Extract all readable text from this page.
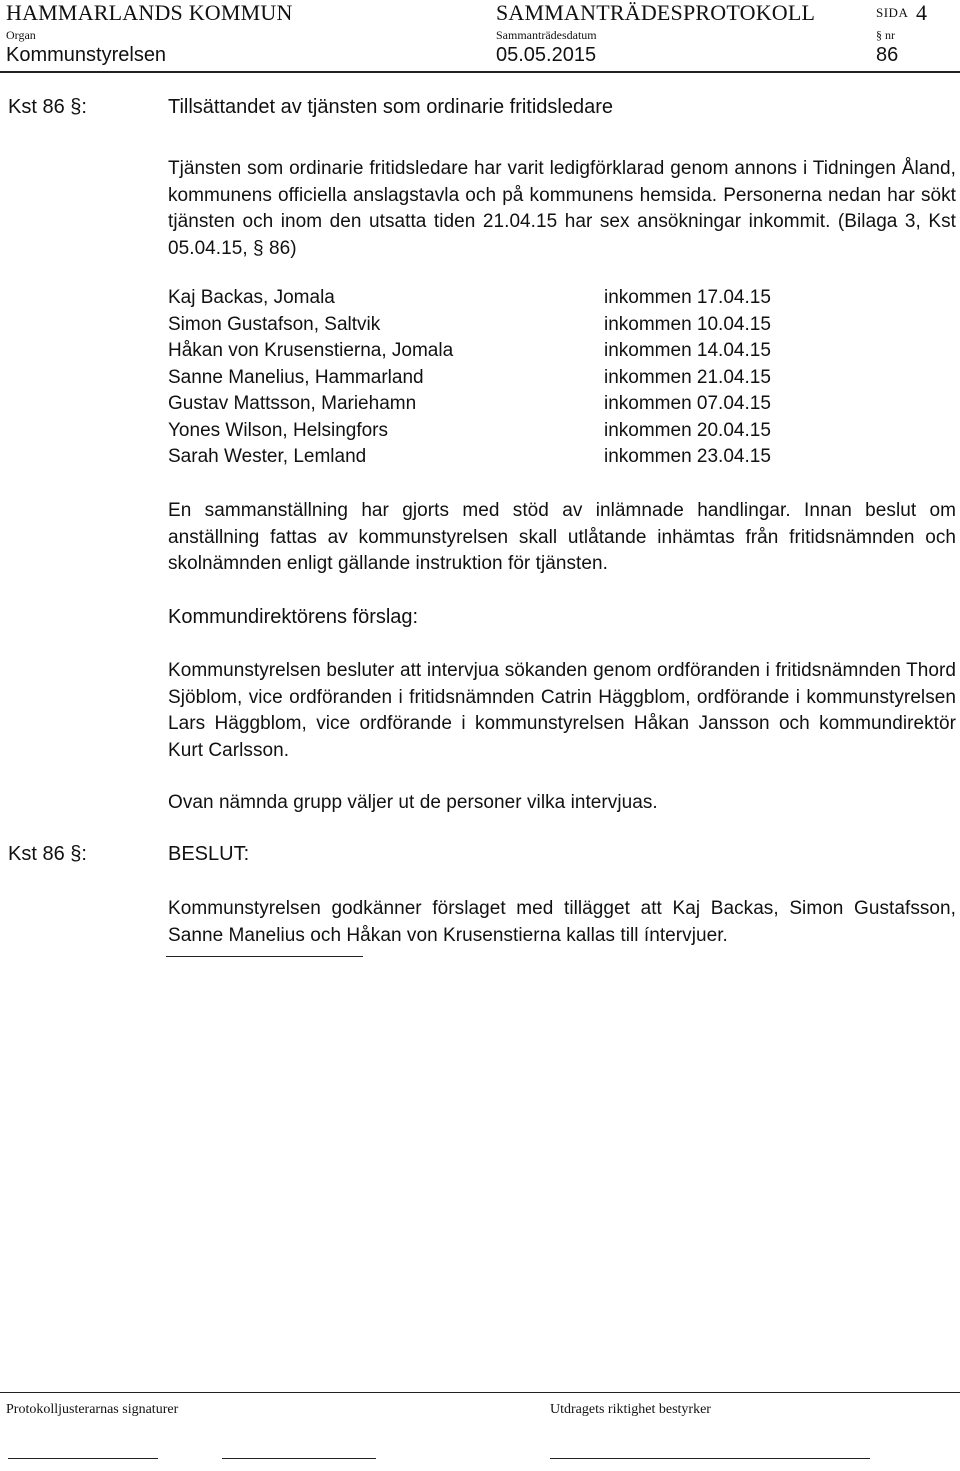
HAMMARLANDS KOMMUN	SAMMANTRÄDESPROTOKOLL	SIDA 4
Organ	Sammanträdesdatum	§ nr
Kommunstyrelsen	05.05.2015	86
Kst 86 §:	Tillsättandet av tjänsten som ordinarie fritidsledare
Tjänsten som ordinarie fritidsledare har varit ledigförklarad genom annons i Tidningen Åland, kommunens officiella anslagstavla och på kommunens hemsida. Personerna nedan har sökt tjänsten och inom den utsatta tiden 21.04.15 har sex ansökningar inkommit. (Bilaga 3, Kst 05.04.15, § 86)
Kaj Backas, Jomala	inkommen 17.04.15
Simon Gustafson, Saltvik	inkommen 10.04.15
Håkan von Krusenstierna, Jomala	inkommen 14.04.15
Sanne Manelius, Hammarland	inkommen 21.04.15
Gustav Mattsson, Mariehamn	inkommen 07.04.15
Yones Wilson, Helsingfors	inkommen 20.04.15
Sarah Wester, Lemland	inkommen 23.04.15
En sammanställning har gjorts med stöd av inlämnade handlingar. Innan beslut om anställning fattas av kommunstyrelsen skall utlåtande inhämtas från fritidsnämnden och skolnämnden enligt gällande instruktion för tjänsten.
Kommundirektörens förslag:
Kommunstyrelsen besluter att intervjua sökanden genom ordföranden i fritidsnämnden Thord Sjöblom, vice ordföranden i fritidsnämnden Catrin Häggblom, ordförande i kommunstyrelsen Lars Häggblom, vice ordförande i kommunstyrelsen Håkan Jansson och kommundirektör Kurt Carlsson.
Ovan nämnda grupp väljer ut de personer vilka intervjuas.
Kst 86 §:	BESLUT:
Kommunstyrelsen godkänner förslaget med tillägget att Kaj Backas, Simon Gustafsson, Sanne Manelius och Håkan von Krusenstierna kallas till íntervjuer.
Protokolljusterarnas signaturer	Utdragets riktighet bestyrker
